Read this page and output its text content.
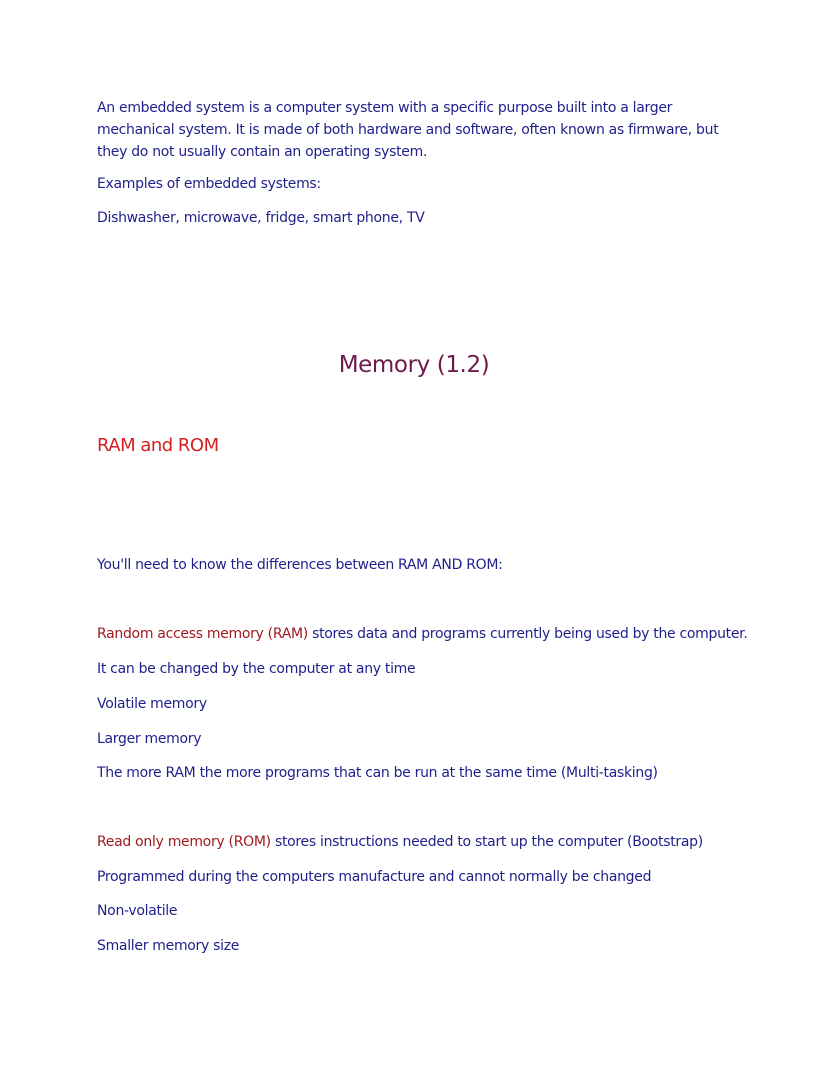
An embedded system is a computer system with a specific purpose built into a larger mechanical system. It is made of both hardware and software, often known as firmware, but they do not usually contain an operating system.

Examples of embedded systems:
Dishwasher, microwave, fridge, smart phone, TV
Memory (1.2)
RAM and ROM
You'll need to know the differences between RAM AND ROM:
Random access memory (RAM) stores data and programs currently being used by the computer.
It can be changed by the computer at any time
Volatile memory
Larger memory
The more RAM the more programs that can be run at the same time (Multi-tasking)
Read only memory (ROM) stores instructions needed to start up the computer (Bootstrap)
Programmed during the computers manufacture and cannot normally be changed
Non-volatile
Smaller memory size
